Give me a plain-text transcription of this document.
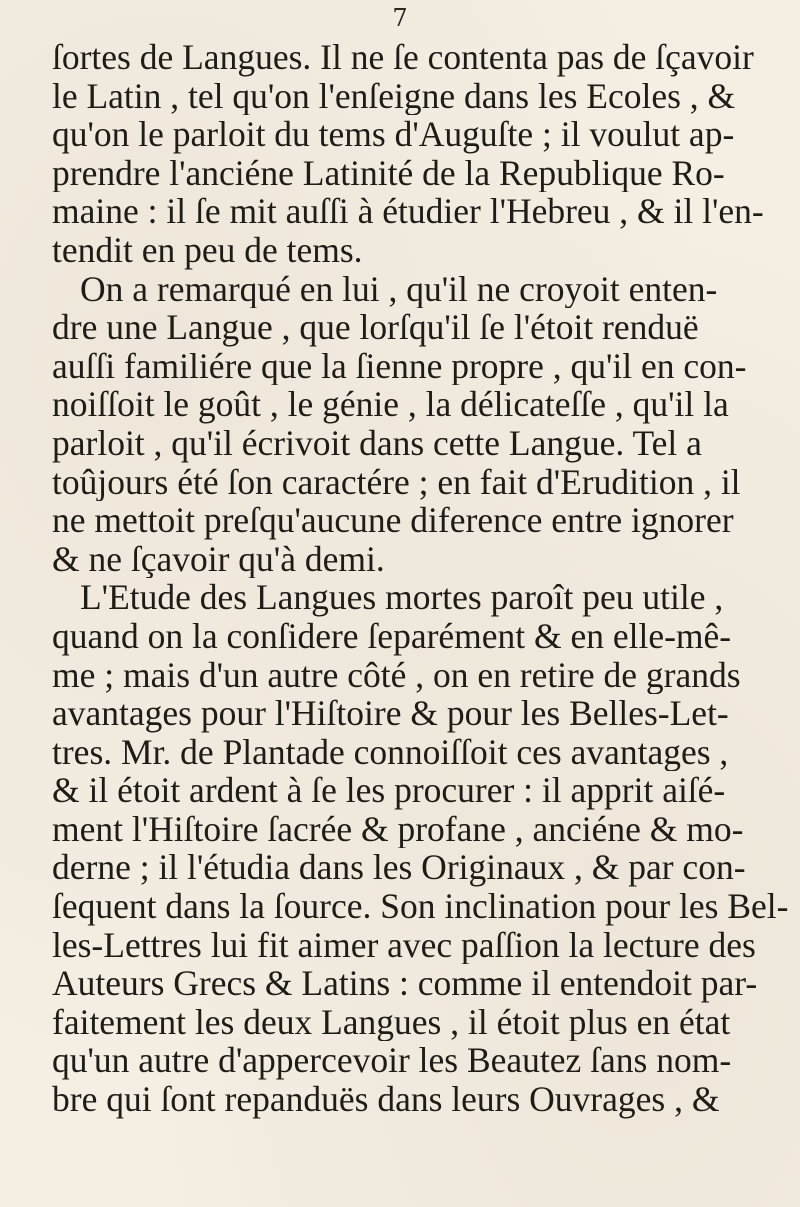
7
ſortes de Langues. Il ne ſe contenta pas de ſçavoir
le Latin , tel qu'on l'enſeigne dans les Ecoles , &
qu'on le parloit du tems d'Auguſte ; il voulut ap-
prendre l'anciéne Latinité de la Republique Ro-
maine : il ſe mit auſſi à étudier l'Hebreu , & il l'en-
tendit en peu de tems.
On a remarqué en lui , qu'il ne croyoit enten-
dre une Langue , que lorſqu'il ſe l'étoit renduë
auſſi familiére que la ſienne propre , qu'il en con-
noiſſoit le goût , le génie , la délicateſſe , qu'il la
parloit , qu'il écrivoit dans cette Langue. Tel a
toûjours été ſon caractére ; en fait d'Erudition , il
ne mettoit preſqu'aucune diference entre ignorer
& ne ſçavoir qu'à demi.
L'Etude des Langues mortes paroît peu utile ,
quand on la conſidere ſeparément & en elle-mê-
me ; mais d'un autre côté , on en retire de grands
avantages pour l'Hiſtoire & pour les Belles-Let-
tres. Mr. de Plantade connoiſſoit ces avantages ,
& il étoit ardent à ſe les procurer : il apprit aiſé-
ment l'Hiſtoire ſacrée & profane , anciéne & mo-
derne ; il l'étudia dans les Originaux , & par con-
ſequent dans la ſource. Son inclination pour les Bel-
les-Lettres lui fit aimer avec paſſion la lecture des
Auteurs Grecs & Latins : comme il entendoit par-
faitement les deux Langues , il étoit plus en état
qu'un autre d'appercevoir les Beautez ſans nom-
bre qui ſont repanduës dans leurs Ouvrages , &
